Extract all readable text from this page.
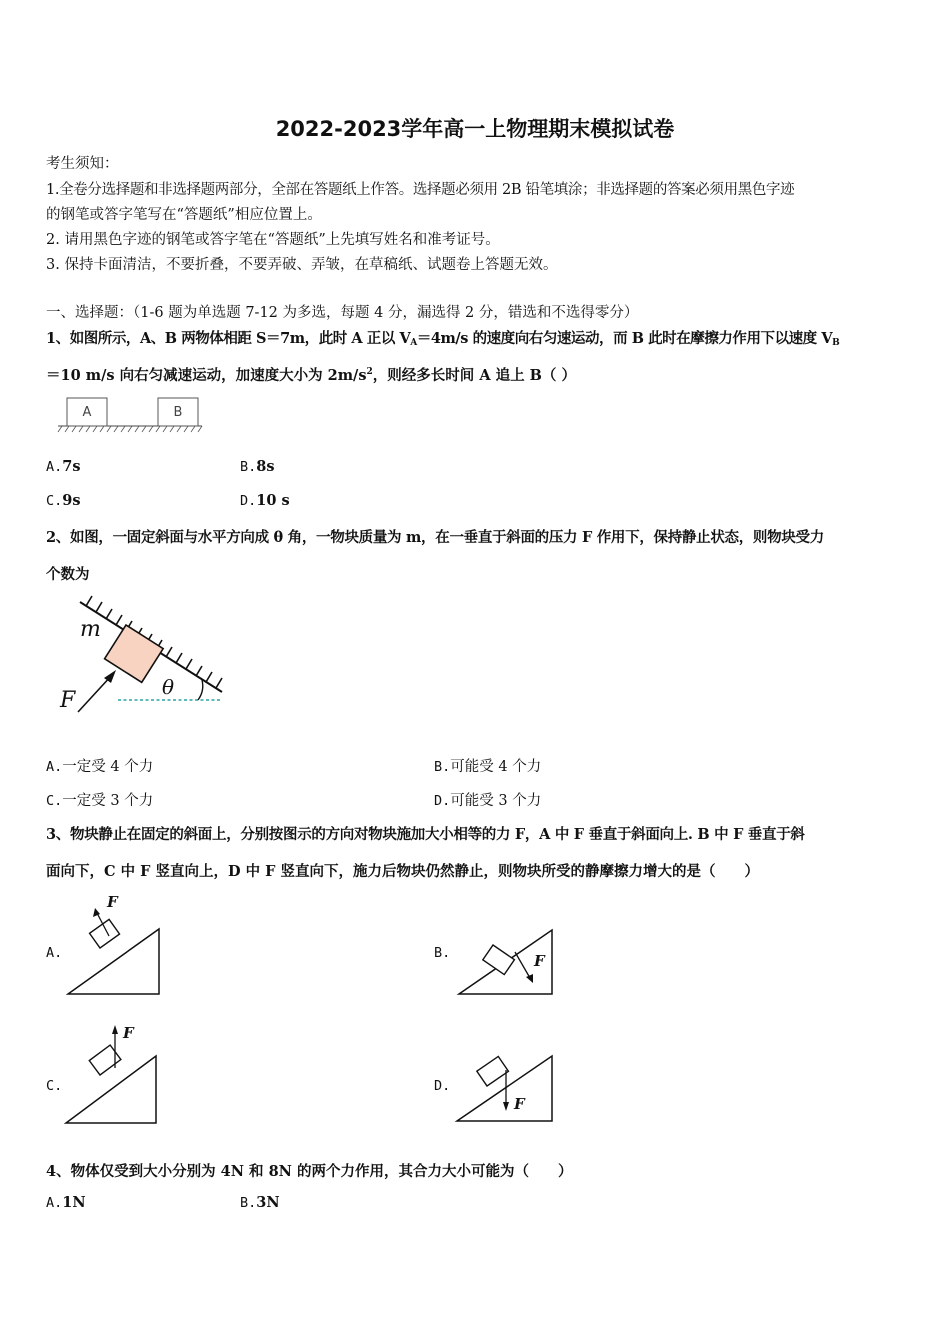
2022-2023学年高一上物理期末模拟试卷
考生须知：
1.全卷分选择题和非选择题两部分，全部在答题纸上作答。选择题必须用 2B 铅笔填涂；非选择题的答案必须用黑色字迹
的钢笔或答字笔写在“答题纸”相应位置上。
2. 请用黑色字迹的钢笔或答字笔在“答题纸”上先填写姓名和准考证号。
3. 保持卡面清洁，不要折叠，不要弄破、弄皱，在草稿纸、试题卷上答题无效。
一、选择题：（1-6 题为单选题 7-12 为多选，每题 4 分，漏选得 2 分，错选和不选得零分）
1、如图所示，A、B 两物体相距 S＝7m，此时 A 正以 $V_A=4m/s$ 的速度向右匀速运动，而 B 此时在摩擦力作用下以速度 $V_B$
＝10 m/s 向右匀减速运动，加速度大小为 $2m/s^2$，则经多长时间 A 追上 B（ ）
A	B
A.7s	B.8s
C.9s	D.10 s
2、如图，一固定斜面与水平方向成 θ 角，一物块质量为 m，在一垂直于斜面的压力 F 作用下，保持静止状态，则物块受力
个数为
m
F
θ
A.一定受 4 个力	B.可能受 4 个力
C.一定受 3 个力	D.可能受 3 个力
3、物块静止在固定的斜面上，分别按图示的方向对物块施加大小相等的力 F，A 中 F 垂直于斜面向上. B 中 F 垂直于斜
面向下，C 中 F 竖直向上，D 中 F 竖直向下，施力后物块仍然静止，则物块所受的静摩擦力增大的是（　　）
A.
F
B.	F
C.
F
D.
F
4、物体仅受到大小分别为 4N 和 8N 的两个力作用，其合力大小可能为（　　）
A.1N	B.3N
